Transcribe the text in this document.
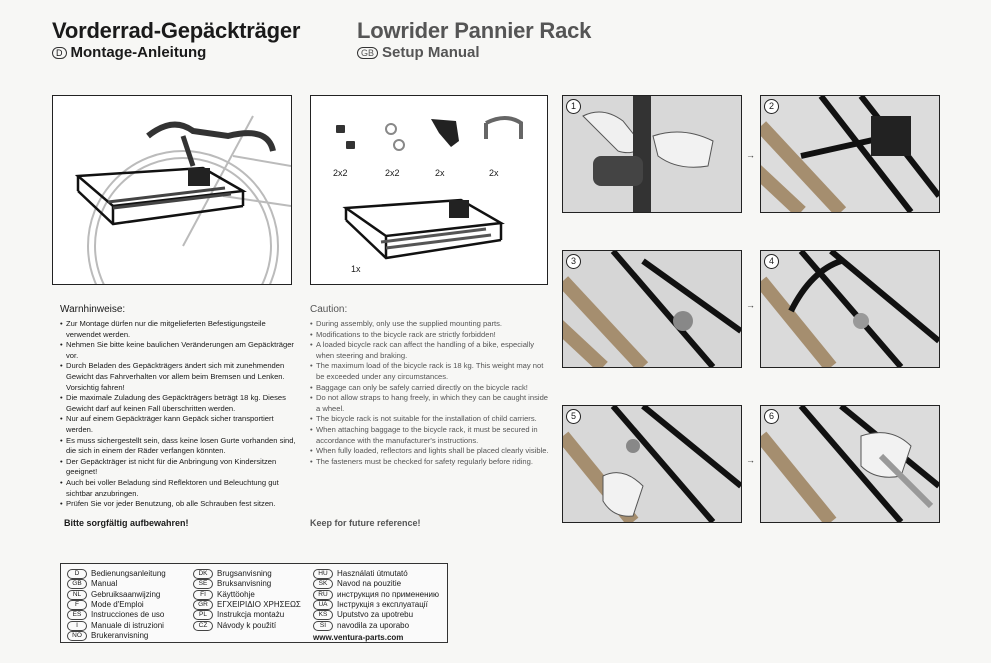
Vorderrad-Gepäckträger
D Montage-Anleitung
Lowrider Pannier Rack
GB Setup Manual
2x2	2x2	2x	2x
1x
Warnhinweise:
• Zur Montage dürfen nur die mitgelieferten Befestigungsteile verwendet werden.
• Nehmen Sie bitte keine baulichen Veränderungen am Gepäckträger vor.
• Durch Beladen des Gepäckträgers ändert sich mit zunehmenden Gewicht das Fahrverhalten vor allem beim Bremsen und Lenken. Vorsichtig fahren!
• Die maximale Zuladung des Gepäckträgers beträgt 18 kg. Dieses Gewicht darf auf keinen Fall überschritten werden.
• Nur auf einem Gepäckträger kann Gepäck sicher transportiert werden.
• Es muss sichergestellt sein, dass keine losen Gurte vorhanden sind, die sich in einem der Räder verfangen könnten.
• Der Gepäckträger ist nicht für die Anbringung von Kindersitzen geeignet!
• Auch bei voller Beladung sind Reflektoren und Beleuchtung gut sichtbar anzubringen.
• Prüfen Sie vor jeder Benutzung, ob alle Schrauben fest sitzen.
Bitte sorgfältig aufbewahren!
Caution:
• During assembly, only use the supplied mounting parts.
• Modifications to the bicycle rack are strictly forbidden!
• A loaded bicycle rack can affect the handling of a bike, especially when steering and braking.
• The maximum load of the bicycle rack is 18 kg. This weight may not be exceeded under any circumstances.
• Baggage can only be safely carried directly on the bicycle rack!
• Do not allow straps to hang freely, in which they can be caught inside a wheel.
• The bicycle rack is not suitable for the installation of child carriers.
• When attaching baggage to the bicycle rack, it must be secured in accordance with the manufacturer's instructions.
• When fully loaded, reflectors and lights shall be placed clearly visible.
• The fasteners must be checked for safety regularly before riding.
Keep for future reference!
D Bedienungsanleitung
GB Manual
NL Gebruiksaanwijzing
F Mode d'Emploi
ES Instrucciones de uso
I Manuale di istruzioni
NO Brukeranvisning
DK Brugsanvisning
SE Bruksanvisning
FI Käyttöohje
GR ΕΓΧΕΙΡΙΔΙΟ ΧΡΗΣΕΩΣ
PL Instrukcja montażu
CZ Návody k použití
HU Használati útmutató
SK Navod na pouzitie
RU инструкция по применению
UA Інструкція з експлуатації
KS Uputstvo za upotrebu
SI navodila za uporabo
www.ventura-parts.com
1
→
2
3
→
4
5
→
6
